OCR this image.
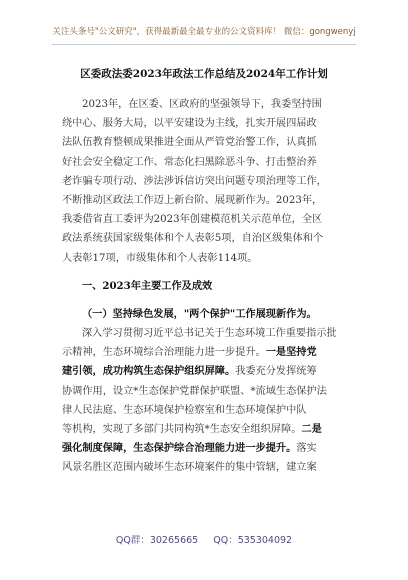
关注头条号"公文研究"，获得最新最全最专业的公文资料库！ 微信：gongwenyj
区委政法委2023年政法工作总结及2024年工作计划
2023年，在区委、区政府的坚强领导下，我委坚持围
绕中心、服务大局，以平安建设为主线，扎实开展四届政
法队伍教育整顿成果推进全面从严管党治警工作，认真抓
好社会安全稳定工作、常态化扫黑除恶斗争、打击整治养
老诈骗专项行动、涉法涉诉信访突出问题专项治理等工作，
不断推动区政法工作迈上新台阶、展现新作为。2023年，
我委借省直工委评为2023年创建模范机关示范单位，全区
政法系统获国家级集体和个人表彰5项，自治区级集体和个
人表彰17项，市级集体和个人表彰114项。
一、2023年主要工作及成效
（一）坚持绿色发展，"两个保护"工作展现新作为。
深入学习贯彻习近平总书记关于生态环境工作重要指示批
示精神，生态环境综合治理能力进一步提升。一是坚持党
建引领，成功构筑生态保护组织屏障。我委充分发挥统筹
协调作用，设立*生态保护党群保护联盟、*流域生态保护法
律人民法庭、生态环境保护检察室和生态环境保护中队
等机构，实现了多部门共同构筑*生态安全组织屏障。二是
强化制度保障，生态保护综合治理能力进一步提升。落实
风景名胜区范围内破坏生态环境案件的集中管辖，建立案
QQ群：30265665 QQ：535304092
